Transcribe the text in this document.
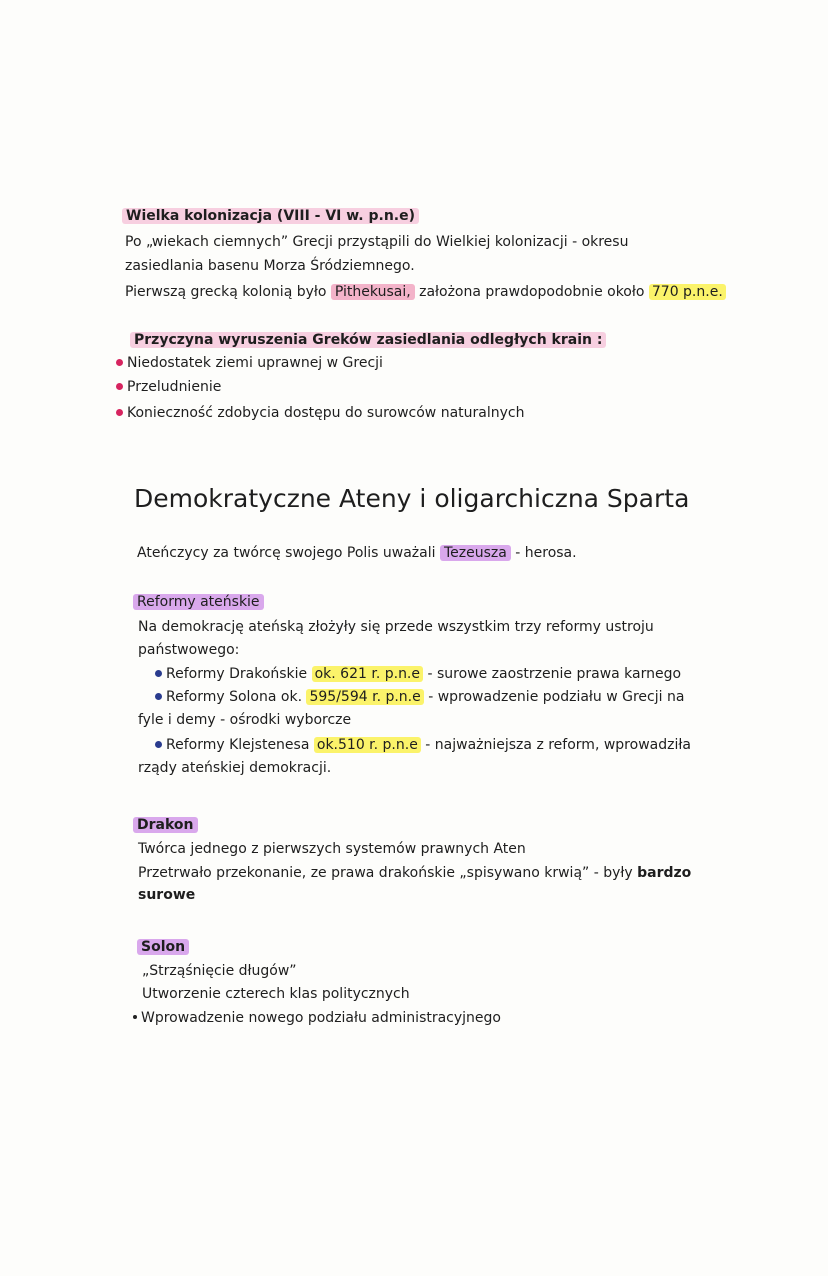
Wielka kolonizacja (VIII - VI w. p.n.e)
Po „wiekach ciemnych” Grecji przystąpili do Wielkiej kolonizacji - okresu
zasiedlania basenu Morza Śródziemnego.
Pierwszą grecką kolonią było Pithekusai, założona prawdopodobnie około 770 p.n.e.
Przyczyna wyruszenia Greków zasiedlania odległych krain :
Niedostatek ziemi uprawnej w Grecji
Przeludnienie
Konieczność zdobycia dostępu do surowców naturalnych
Demokratyczne Ateny i oligarchiczna Sparta
Ateńczycy za twórcę swojego Polis uważali Tezeusza - herosa.
Reformy ateńskie
Na demokrację ateńską złożyły się przede wszystkim trzy reformy ustroju
państwowego:
Reformy Drakońskie ok. 621 r. p.n.e - surowe zaostrzenie prawa karnego
Reformy Solona ok. 595/594 r. p.n.e - wprowadzenie podziału w Grecji na
fyle i demy - ośrodki wyborcze
Reformy Klejstenesa ok.510 r. p.n.e - najważniejsza z reform, wprowadziła
rządy ateńskiej demokracji.
Drakon
Twórca jednego z pierwszych systemów prawnych Aten
Przetrwało przekonanie, ze prawa drakońskie „spisywano krwią” - były bardzo
surowe
Solon
„Strząśnięcie długów”
Utworzenie czterech klas politycznych
Wprowadzenie nowego podziału administracyjnego
